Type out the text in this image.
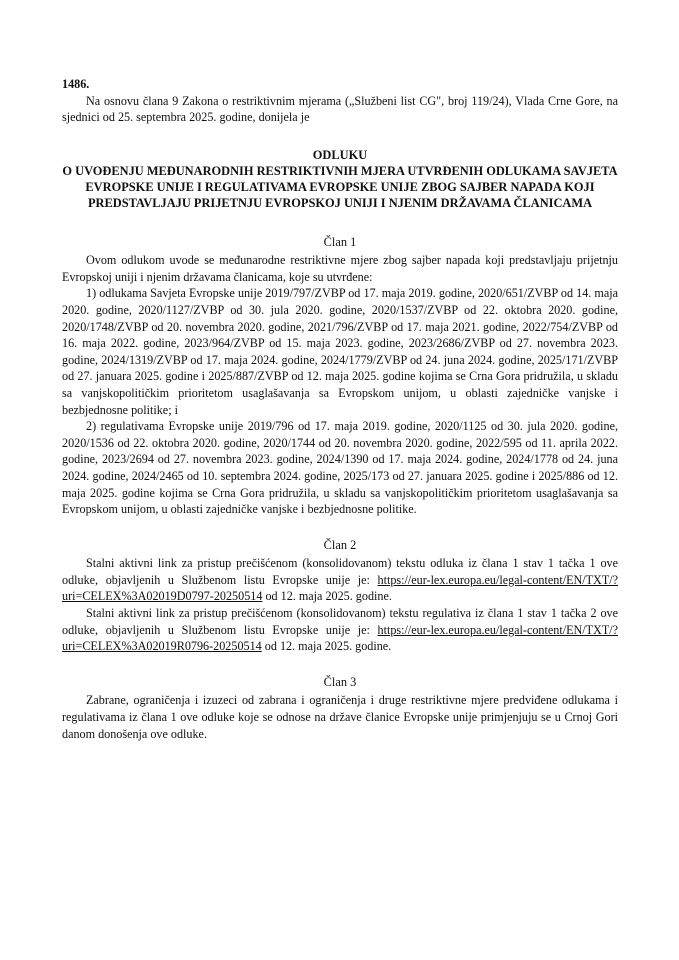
1486.

Na osnovu člana 9 Zakona o restriktivnim mjerama („Službeni list CG", broj 119/24), Vlada Crne Gore, na sjednici od 25. septembra 2025. godine, donijela je

ODLUKU
O UVOĐENJU MEĐUNARODNIH RESTRIKTIVNIH MJERA UTVRĐENIH ODLUKAMA SAVJETA EVROPSKE UNIJE I REGULATIVAMA EVROPSKE UNIJE ZBOG SAJBER NAPADA KOJI PREDSTAVLJAJU PRIJETNJU EVROPSKOJ UNIJI I NJENIM DRŽAVAMA ČLANICAMA
Član 1

Ovom odlukom uvode se međunarodne restriktivne mjere zbog sajber napada koji predstavljaju prijetnju Evropskoj uniji i njenim državama članicama, koje su utvrđene:

1) odlukama Savjeta Evropske unije 2019/797/ZVBP od 17. maja 2019. godine, 2020/651/ZVBP od 14. maja 2020. godine, 2020/1127/ZVBP od 30. jula 2020. godine, 2020/1537/ZVBP od 22. oktobra 2020. godine, 2020/1748/ZVBP od 20. novembra 2020. godine, 2021/796/ZVBP od 17. maja 2021. godine, 2022/754/ZVBP od 16. maja 2022. godine, 2023/964/ZVBP od 15. maja 2023. godine, 2023/2686/ZVBP od 27. novembra 2023. godine, 2024/1319/ZVBP od 17. maja 2024. godine, 2024/1779/ZVBP od 24. juna 2024. godine, 2025/171/ZVBP od 27. januara 2025. godine i 2025/887/ZVBP od 12. maja 2025. godine kojima se Crna Gora pridružila, u skladu sa vanjskopolitičkim prioritetom usaglašavanja sa Evropskom unijom, u oblasti zajedničke vanjske i bezbjednosne politike; i

2) regulativama Evropske unije 2019/796 od 17. maja 2019. godine, 2020/1125 od 30. jula 2020. godine, 2020/1536 od 22. oktobra 2020. godine, 2020/1744 od 20. novembra 2020. godine, 2022/595 od 11. aprila 2022. godine, 2023/2694 od 27. novembra 2023. godine, 2024/1390 od 17. maja 2024. godine, 2024/1778 od 24. juna 2024. godine, 2024/2465 od 10. septembra 2024. godine, 2025/173 od 27. januara 2025. godine i 2025/886 od 12. maja 2025. godine kojima se Crna Gora pridružila, u skladu sa vanjskopolitičkim prioritetom usaglašavanja sa Evropskom unijom, u oblasti zajedničke vanjske i bezbjednosne politike.

Član 2

Stalni aktivni link za pristup prečišćenom (konsolidovanom) tekstu odluka iz člana 1 stav 1 tačka 1 ove odluke, objavljenih u Službenom listu Evropske unije je: https://eur-lex.europa.eu/legal-content/EN/TXT/?uri=CELEX%3A02019D0797-20250514 od 12. maja 2025. godine.

Stalni aktivni link za pristup prečišćenom (konsolidovanom) tekstu regulativa iz člana 1 stav 1 tačka 2 ove odluke, objavljenih u Službenom listu Evropske unije je: https://eur-lex.europa.eu/legal-content/EN/TXT/?uri=CELEX%3A02019R0796-20250514 od 12. maja 2025. godine.

Član 3

Zabrane, ograničenja i izuzeci od zabrana i ograničenja i druge restriktivne mjere predviđene odlukama i regulativama iz člana 1 ove odluke koje se odnose na države članice Evropske unije primjenjuju se u Crnoj Gori danom donošenja ove odluke.
